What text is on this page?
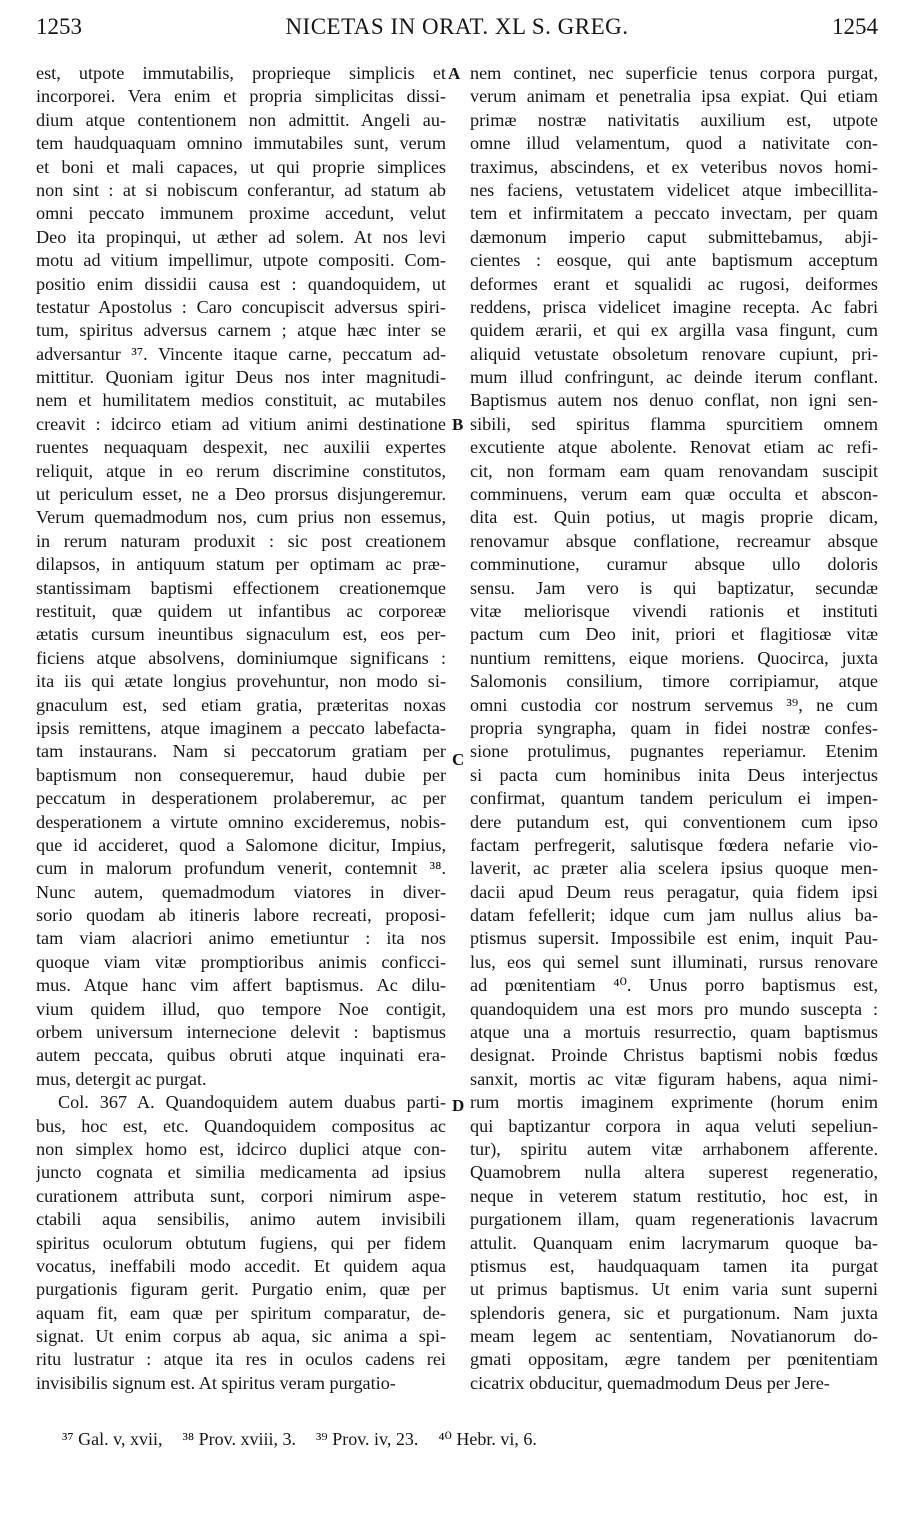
1253	NICETAS IN ORAT. XL S. GREG.	1254
est, utpote immutabilis, proprieque simplicis et
incorporei. Vera enim et propria simplicitas dissi-
dium atque contentionem non admittit. Angeli au-
tem haudquaquam omnino immutabiles sunt, verum
et boni et mali capaces, ut qui proprie simplices
non sint : at si nobiscum conferantur, ad statum ab
omni peccato immunem proxime accedunt, velut
Deo ita propinqui, ut æther ad solem. At nos levi
motu ad vitium impellimur, utpote compositi. Com-
positio enim dissidii causa est : quandoquidem, ut
testatur Apostolus : Caro concupiscit adversus spiri-
tum, spiritus adversus carnem ; atque hæc inter se
adversantur ³⁷. Vincente itaque carne, peccatum ad-
mittitur. Quoniam igitur Deus nos inter magnitudi-
nem et humilitatem medios constituit, ac mutabiles
creavit : idcirco etiam ad vitium animi destinatione
ruentes nequaquam despexit, nec auxilii expertes
reliquit, atque in eo rerum discrimine constitutos,
ut periculum esset, ne a Deo prorsus disjungeremur.
Verum quemadmodum nos, cum prius non essemus,
in rerum naturam produxit : sic post creationem
dilapsos, in antiquum statum per optimam ac præ-
stantissimam baptismi effectionem creationemque
restituit, quæ quidem ut infantibus ac corporeæ
ætatis cursum ineuntibus signaculum est, eos per-
ficiens atque absolvens, dominiumque significans :
ita iis qui ætate longius provehuntur, non modo si-
gnaculum est, sed etiam gratia, præteritas noxas
ipsis remittens, atque imaginem a peccato labefacta-
tam instaurans. Nam si peccatorum gratiam per
baptismum non consequeremur, haud dubie per
peccatum in desperationem prolaberemur, ac per
desperationem a virtute omnino excideremus, nobis-
que id accideret, quod a Salomone dicitur, Impius,
cum in malorum profundum venerit, contemnit ³⁸.
Nunc autem, quemadmodum viatores in diver-
sorio quodam ab itineris labore recreati, proposi-
tam viam alacriori animo emetiuntur : ita nos
quoque viam vitæ promptioribus animis conficci-
mus. Atque hanc vim affert baptismus. Ac dilu-
vium quidem illud, quo tempore Noe contigit,
orbem universum internecione delevit : baptismus
autem peccata, quibus obruti atque inquinati era-
mus, detergit ac purgat.
Col. 367 A. Quandoquidem autem duabus parti-
bus, hoc est, etc. Quandoquidem compositus ac
non simplex homo est, idcirco duplici atque con-
juncto cognata et similia medicamenta ad ipsius
curationem attributa sunt, corpori nimirum aspe-
ctabili aqua sensibilis, animo autem invisibili
spiritus oculorum obtutum fugiens, qui per fidem
vocatus, ineffabili modo accedit. Et quidem aqua
purgationis figuram gerit. Purgatio enim, quæ per
aquam fit, eam quæ per spiritum comparatur, de-
signat. Ut enim corpus ab aqua, sic anima a spi-
ritu lustratur : atque ita res in oculos cadens rei
invisibilis signum est. At spiritus veram purgatio-
nem continet, nec superficie tenus corpora purgat,
verum animam et penetralia ipsa expiat. Qui etiam
primæ nostræ nativitatis auxilium est, utpote
omne illud velamentum, quod a nativitate con-
traximus, abscindens, et ex veteribus novos homi-
nes faciens, vetustatem videlicet atque imbecillita-
tem et infirmitatem a peccato invectam, per quam
dæmonum imperio caput submittebamus, abji-
cientes : eosque, qui ante baptismum acceptum
deformes erant et squalidi ac rugosi, deiformes
reddens, prisca videlicet imagine recepta. Ac fabri
quidem ærarii, et qui ex argilla vasa fingunt, cum
aliquid vetustate obsoletum renovare cupiunt, pri-
mum illud confringunt, ac deinde iterum conflant.
Baptismus autem nos denuo conflat, non igni sen-
sibili, sed spiritus flamma spurcitiem omnem
excutiente atque abolente. Renovat etiam ac refi-
cit, non formam eam quam renovandam suscipit
comminuens, verum eam quæ occulta et abscon-
dita est. Quin potius, ut magis proprie dicam,
renovamur absque conflatione, recreamur absque
comminutione, curamur absque ullo doloris
sensu. Jam vero is qui baptizatur, secundæ
vitæ meliorisque vivendi rationis et instituti
pactum cum Deo init, priori et flagitiosæ vitæ
nuntium remittens, eique moriens. Quocirca, juxta
Salomonis consilium, timore corripiamur, atque
omni custodia cor nostrum servemus ³⁹, ne cum
propria syngrapha, quam in fidei nostræ confes-
sione protulimus, pugnantes reperiamur. Etenim
si pacta cum hominibus inita Deus interjectus
confirmat, quantum tandem periculum ei impen-
dere putandum est, qui conventionem cum ipso
factam perfregerit, salutisque fœdera nefarie vio-
laverit, ac præter alia scelera ipsius quoque men-
dacii apud Deum reus peragatur, quia fidem ipsi
datam fefellerit; idque cum jam nullus alius ba-
ptismus supersit. Impossibile est enim, inquit Pau-
lus, eos qui semel sunt illuminati, rursus renovare
ad pœnitentiam ⁴⁰. Unus porro baptismus est,
quandoquidem una est mors pro mundo suscepta :
atque una a mortuis resurrectio, quam baptismus
designat. Proinde Christus baptismi nobis fœdus
sanxit, mortis ac vitæ figuram habens, aqua nimi-
rum mortis imaginem exprimente (horum enim
qui baptizantur corpora in aqua veluti sepeliun-
tur), spiritu autem vitæ arrhabonem afferente.
Quamobrem nulla altera superest regeneratio,
neque in veterem statum restitutio, hoc est, in
purgationem illam, quam regenerationis lavacrum
attulit. Quanquam enim lacrymarum quoque ba-
ptismus est, haudquaquam tamen ita purgat
ut primus baptismus. Ut enim varia sunt superni
splendoris genera, sic et purgationum. Nam juxta
meam legem ac sententiam, Novatianorum do-
gmati oppositam, ægre tandem per pœnitentiam
cicatrix obducitur, quemadmodum Deus per Jere-
A
B
C
D
³⁷ Gal. v, xvii, ³⁸ Prov. xviii, 3. ³⁹ Prov. iv, 23. ⁴⁰ Hebr. vi, 6.
